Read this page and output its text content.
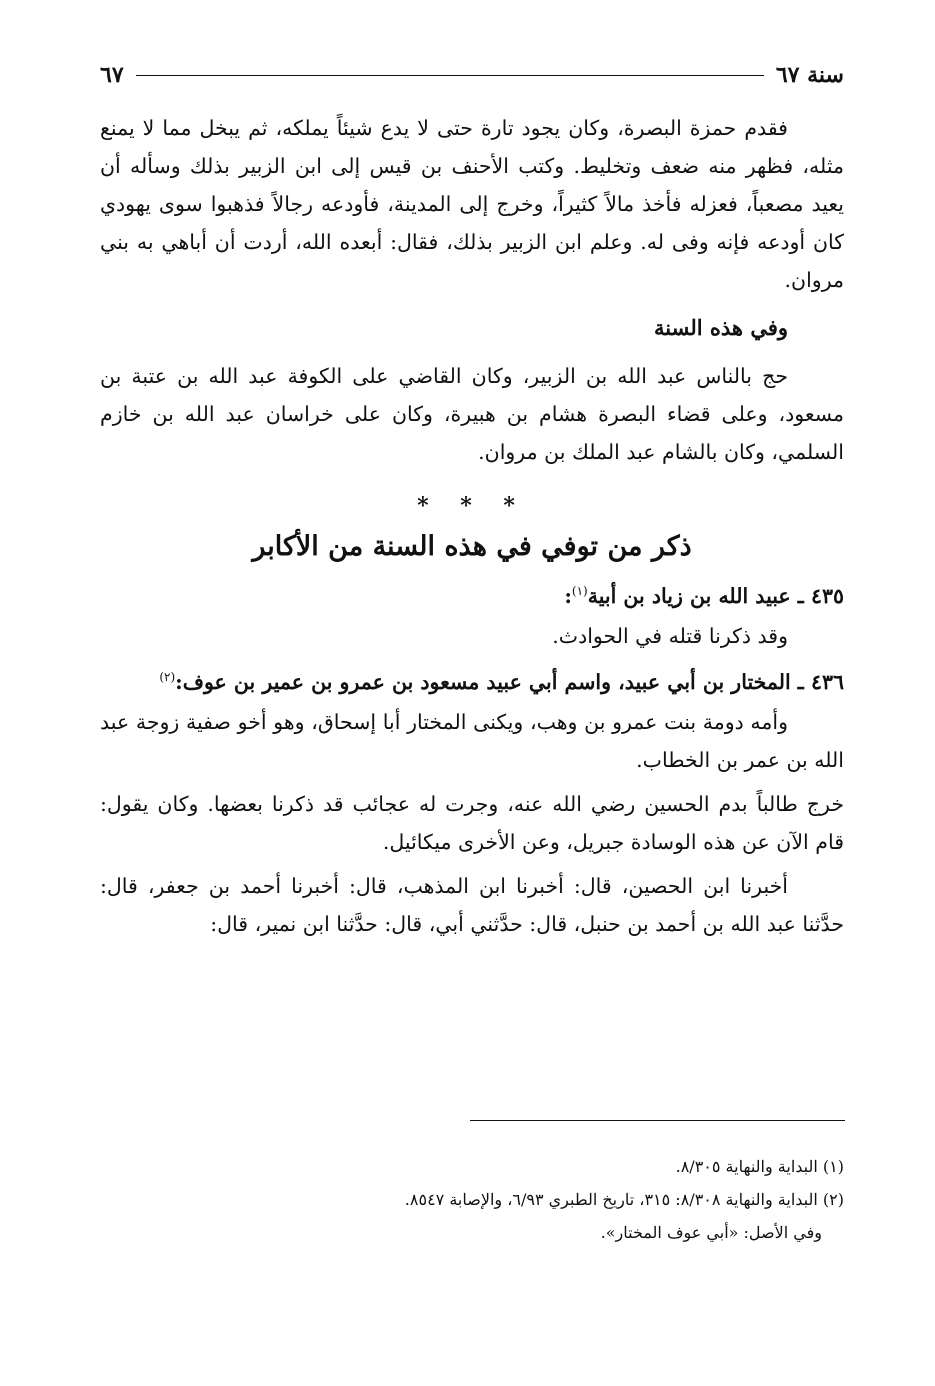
سنة ٦٧
٦٧

فقدم حمزة البصرة، وكان يجود تارة حتى لا يدع شيئاً يملكه، ثم يبخل مما لا يمنع مثله، فظهر منه ضعف وتخليط. وكتب الأحنف بن قيس إلى ابن الزبير بذلك وسأله أن يعيد مصعباً، فعزله فأخذ مالاً كثيراً، وخرج إلى المدينة، فأودعه رجالاً فذهبوا سوى يهودي كان أودعه فإنه وفى له. وعلم ابن الزبير بذلك، فقال: أبعده الله، أردت أن أباهي به بني مروان.

وفي هذه السنة

حج بالناس عبد الله بن الزبير، وكان القاضي على الكوفة عبد الله بن عتبة بن مسعود، وعلى قضاء البصرة هشام بن هبيرة، وكان على خراسان عبد الله بن خازم السلمي، وكان بالشام عبد الملك بن مروان.

* * *
ذكر من توفي في هذه السنة من الأكابر
٤٣٥ ـ عبيد الله بن زياد بن أبية$^{(١)}$:

وقد ذكرنا قتله في الحوادث.

٤٣٦ ـ المختار بن أبي عبيد، واسم أبي عبيد مسعود بن عمرو بن عمير بن عوف:$^{(٢)}$

وأمه دومة بنت عمرو بن وهب، ويكنى المختار أبا إسحاق، وهو أخو صفية زوجة عبد الله بن عمر بن الخطاب.

خرج طالباً بدم الحسين رضي الله عنه، وجرت له عجائب قد ذكرنا بعضها. وكان يقول: قام الآن عن هذه الوسادة جبريل، وعن الأخرى ميكائيل.

أخبرنا ابن الحصين، قال: أخبرنا ابن المذهب، قال: أخبرنا أحمد بن جعفر، قال: حدَّثنا عبد الله بن أحمد بن حنبل، قال: حدَّثني أبي، قال: حدَّثنا ابن نمير، قال:

(١) البداية والنهاية ٨/٣٠٥.
(٢) البداية والنهاية ٨/٣٠٨: ٣١٥، تاريخ الطبري ٦/٩٣، والإصابة ٨٥٤٧.
وفي الأصل: «أبي عوف المختار».
